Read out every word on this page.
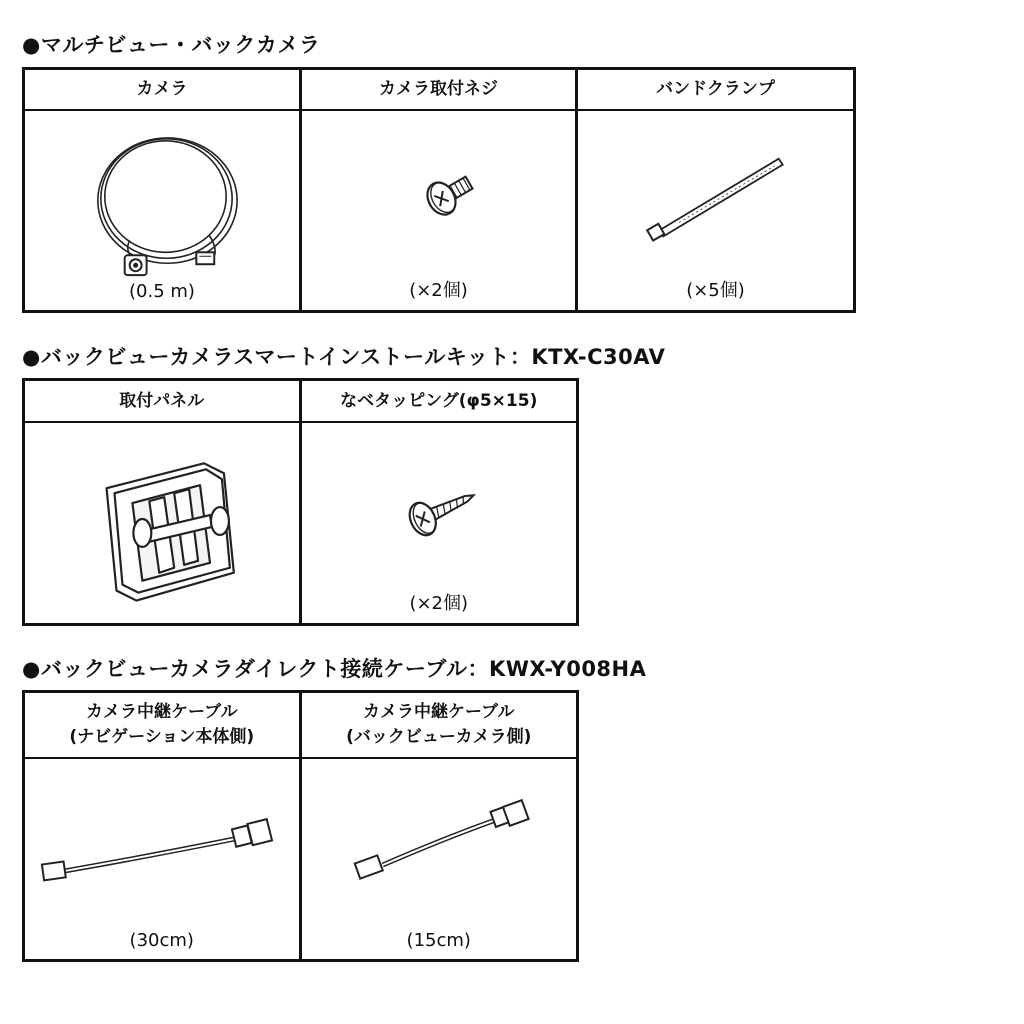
●マルチビュー・バックカメラ
カメラ
(0.5 m)
カメラ取付ネジ
(×2個)
バンドクランプ
(×5個)
●バックビューカメラスマートインストールキット：KTX-C30AV
取付パネル	なベタッピング(φ5×15)
(×2個)
●バックビューカメラダイレクト接続ケーブル：KWX-Y008HA
カメラ中継ケーブル
(ナビゲーション本体側)
(30cm)
カメラ中継ケーブル
(バックビューカメラ側)
(15cm)
